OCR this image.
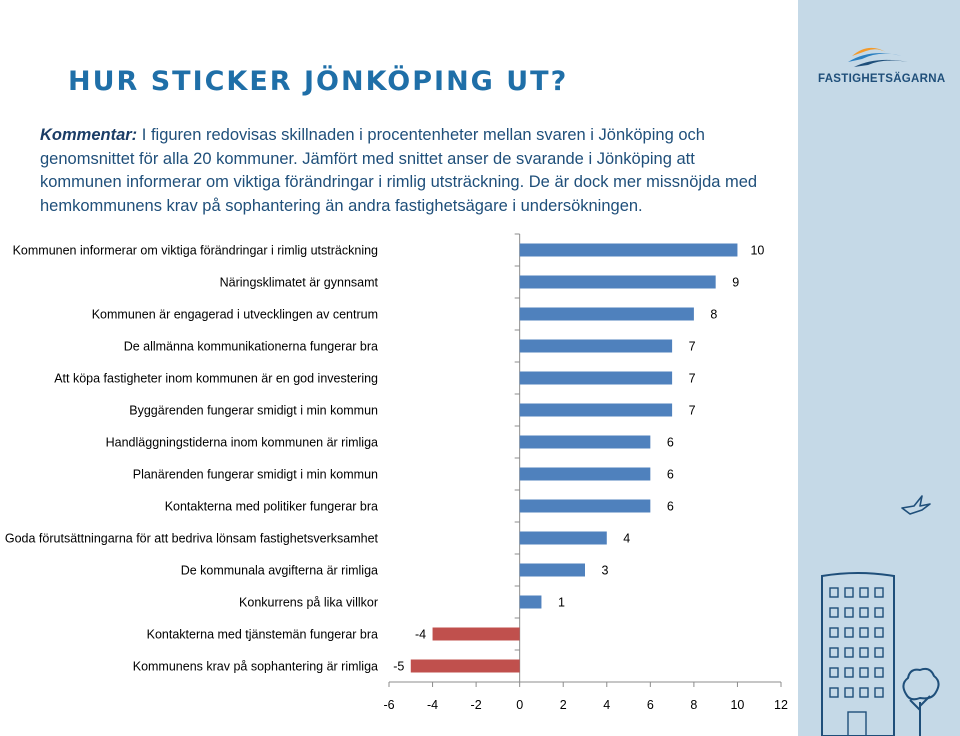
HUR STICKER JÖNKÖPING UT?
Kommentar: I figuren redovisas skillnaden i procentenheter mellan svaren i Jönköping och genomsnittet för alla 20 kommuner. Jämfört med snittet anser de svarande i Jönköping att kommunen informerar om viktiga förändringar i rimlig utsträckning. De är dock mer missnöjda med hemkommunens krav på sophantering än andra fastighetsägare i undersökningen.
FASTIGHETSÄGARNA
-6	-4	-2	0	2	4	6	8	10 12
Kommunen informerar om viktiga förändringar i rimlig utsträckning	10
Näringsklimatet är gynnsamt	9
Kommunen är engagerad i utvecklingen av centrum	8
De allmänna kommunikationerna fungerar bra	7
Att köpa fastigheter inom kommunen är en god investering	7
Byggärenden fungerar smidigt i min kommun	7
Handläggningstiderna inom kommunen är rimliga	6
Planärenden fungerar smidigt i min kommun	6
Kontakterna med politiker fungerar bra	6
Goda förutsättningarna för att bedriva lönsam fastighetsverksamhet	4
De kommunala avgifterna är rimliga	3
Konkurrens på lika villkor	1
Kontakterna med tjänstemän fungerar bra	-4
Kommunens krav på sophantering är rimliga -5
